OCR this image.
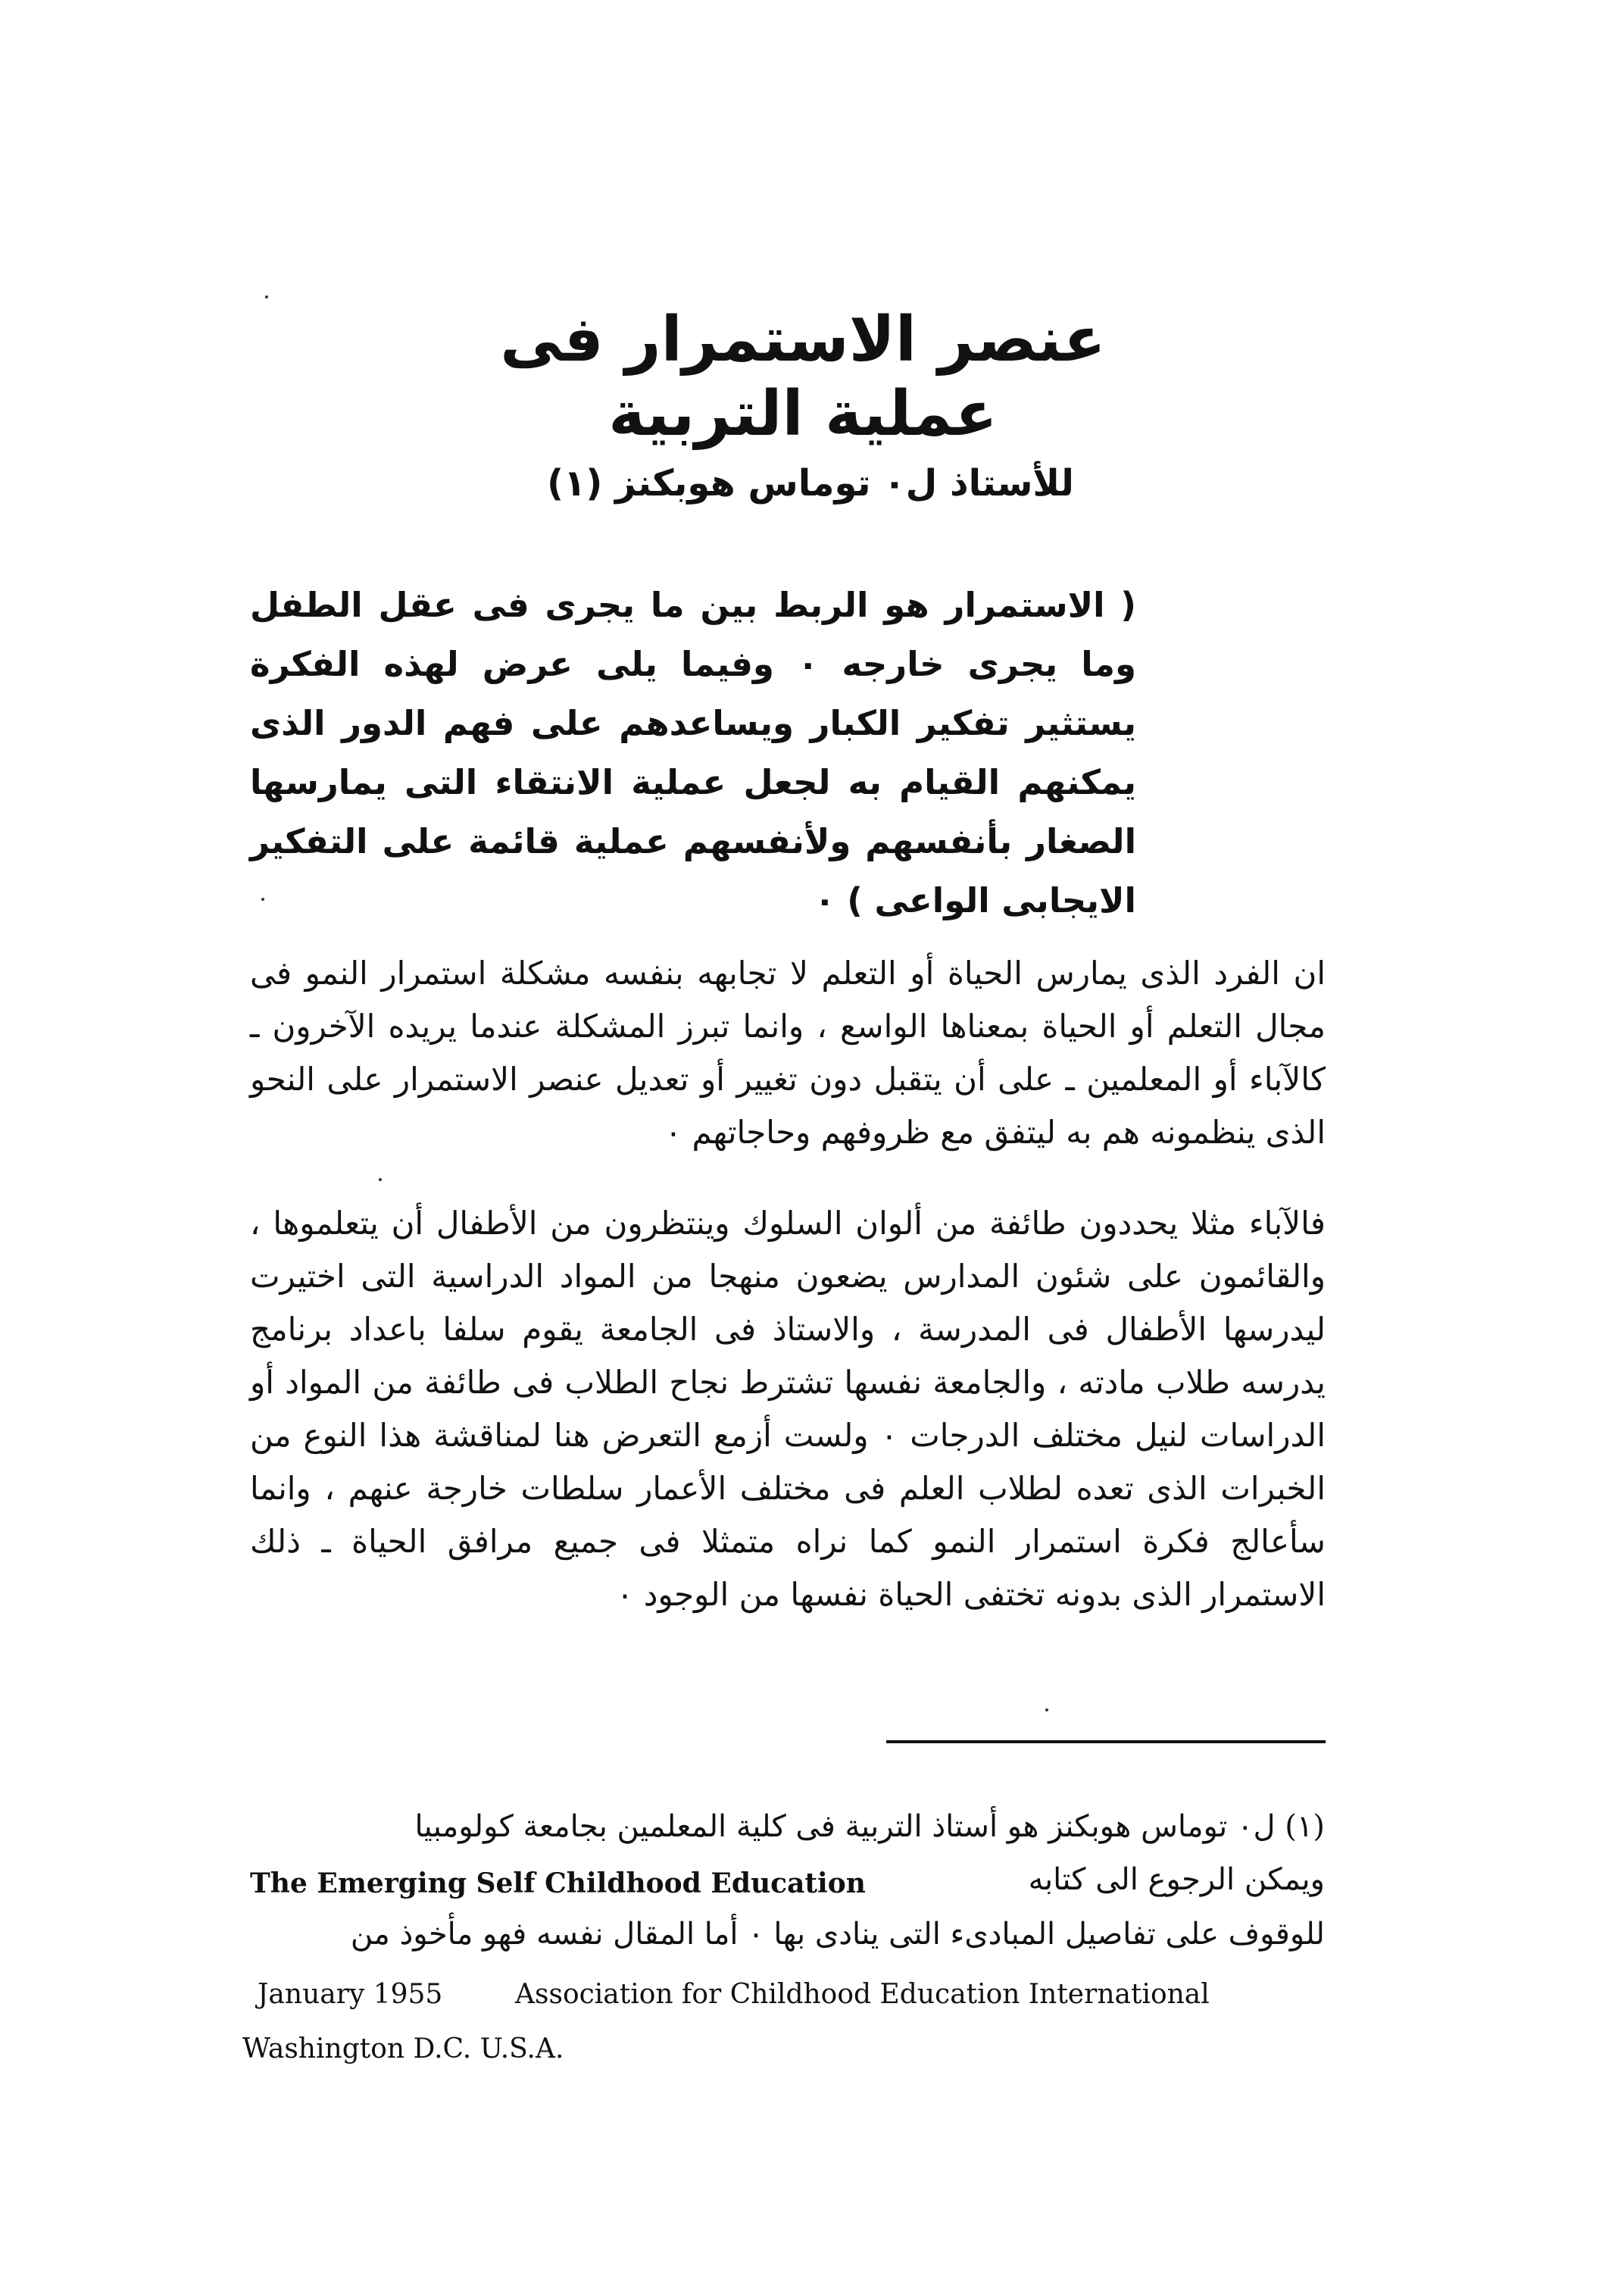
عنصر الاستمرار فى عملية التربية
للأستاذ ل٠ توماس هوبكنز (١)
( الاستمرار هو الربط بين ما يجرى فى عقل الطفل وما يجرى خارجه ٠ وفيما يلى عرض لهذه الفكرة يستثير تفكير الكبار ويساعدهم على فهم الدور الذى يمكنهم القيام به لجعل عملية الانتقاء التى يمارسها الصغار بأنفسهم ولأنفسهم عملية قائمة على التفكير الايجابى الواعى ) ٠

ان الفرد الذى يمارس الحياة أو التعلم لا تجابهه بنفسه مشكلة استمرار النمو فى مجال التعلم أو الحياة بمعناها الواسع ، وانما تبرز المشكلة عندما يريده الآخرون ـ كالآباء أو المعلمين ـ على أن يتقبل دون تغيير أو تعديل عنصر الاستمرار على النحو الذى ينظمونه هم به ليتفق مع ظروفهم وحاجاتهم ٠

فالآباء مثلا يحددون طائفة من ألوان السلوك وينتظرون من الأطفال أن يتعلموها ، والقائمون على شئون المدارس يضعون منهجا من المواد الدراسية التى اختيرت ليدرسها الأطفال فى المدرسة ، والاستاذ فى الجامعة يقوم سلفا باعداد برنامج يدرسه طلاب مادته ، والجامعة نفسها تشترط نجاح الطلاب فى طائفة من المواد أو الدراسات لنيل مختلف الدرجات ٠ ولست أزمع التعرض هنا لمناقشة هذا النوع من الخبرات الذى تعده لطلاب العلم فى مختلف الأعمار سلطات خارجة عنهم ، وانما سأعالج فكرة استمرار النمو كما نراه متمثلا فى جميع مرافق الحياة ـ ذلك الاستمرار الذى بدونه تختفى الحياة نفسها من الوجود ٠

(١) ل٠ توماس هوبكنز هو أستاذ التربية فى كلية المعلمين بجامعة كولومبيا
ويمكن الرجوع الى كتابه
The Emerging Self Childhood Education
للوقوف على تفاصيل المبادىء التى ينادى بها ٠ أما المقال نفسه فهو مأخوذ من
January 1955	Association for Childhood Education International
Washington D.C. U.S.A.
